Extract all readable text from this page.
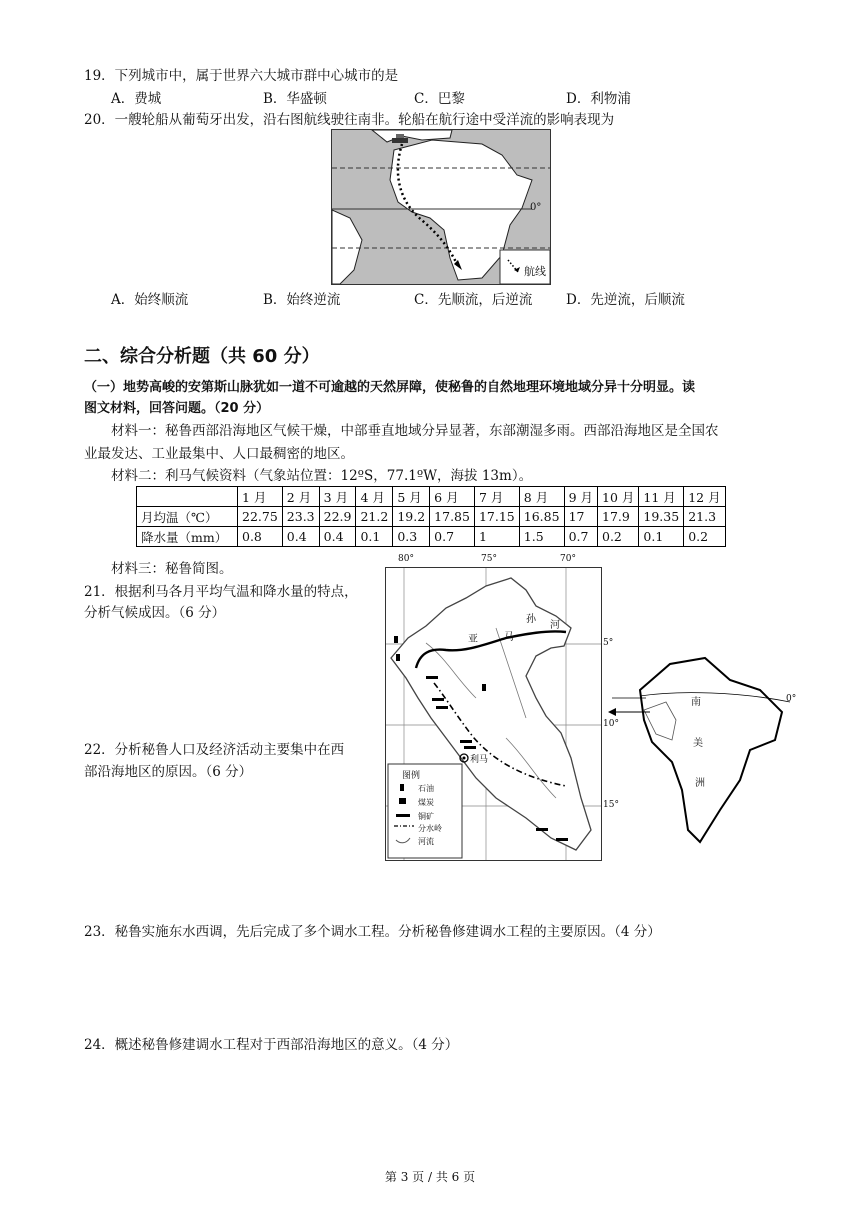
19．下列城市中，属于世界六大城市群中心城市的是
A．费城	B．华盛顿	C．巴黎	D．利物浦
20．一艘轮船从葡萄牙出发，沿右图航线驶往南非。轮船在航行途中受洋流的影响表现为
0°
航线
A．始终顺流	B．始终逆流	C．先顺流，后逆流 D．先逆流，后顺流
二、综合分析题（共 60 分）
（一）地势高峻的安第斯山脉犹如一道不可逾越的天然屏障，使秘鲁的自然地理环境地域分异十分明显。读
图文材料，回答问题。（20 分）
材料一：秘鲁西部沿海地区气候干燥，中部垂直地域分异显著，东部潮湿多雨。西部沿海地区是全国农
业最发达、工业最集中、人口最稠密的地区。
材料二：利马气候资料（气象站位置：12ºS，77.1ºW，海拔 13m）。
	1 月	2 月	3 月	4 月	5 月	6 月	7 月	8 月	9 月	10 月	11 月	12 月
月均温（℃）	22.75	23.3	22.9	21.2	19.2	17.85	17.15	16.85	17	17.9	19.35	21.3
降水量（mm）	0.8	0.4	0.4	0.1	0.3	0.7	1	1.5	0.7	0.2	0.1	0.2
材料三：秘鲁简图。
21．根据利马各月平均气温和降水量的特点，
分析气候成因。（6 分）
22．分析秘鲁人口及经济活动主要集中在西
部沿海地区的原因。（6 分）
80°	75°	70°
5°
10°
15°
亚	马
孙
河
利马
图例
石油
煤炭
铜矿
分水岭
河流
南
美
洲
0°
23．秘鲁实施东水西调，先后完成了多个调水工程。分析秘鲁修建调水工程的主要原因。（4 分）
24．概述秘鲁修建调水工程对于西部沿海地区的意义。（4 分）
第 3 页 / 共 6 页
